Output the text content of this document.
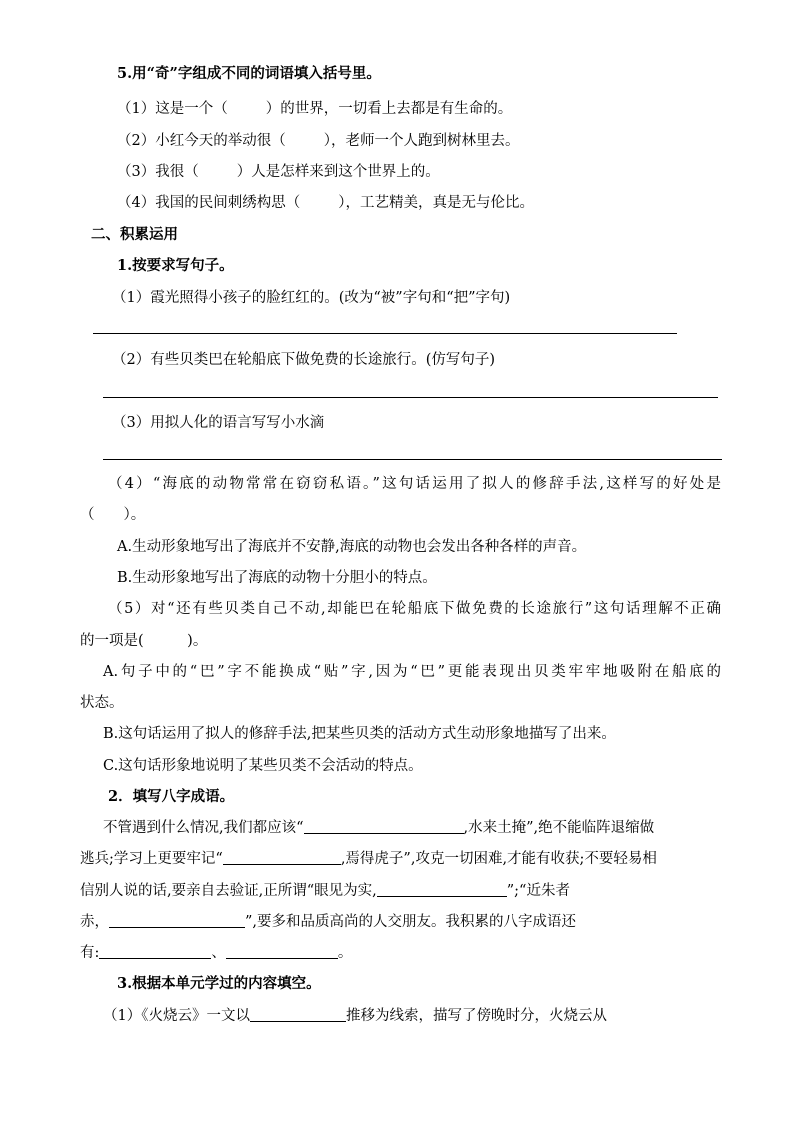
5.用“奇”字组成不同的词语填入括号里。
（1）这是一个（	）的世界，一切看上去都是有生命的。
（2）小红今天的举动很（	），老师一个人跑到树林里去。
（3）我很（	）人是怎样来到这个世界上的。
（4）我国的民间刺绣构思（	），工艺精美，真是无与伦比。
二、积累运用
1.按要求写句子。
（1）霞光照得小孩子的脸红红的。(改为“被”字句和“把”字句)
（2）有些贝类巴在轮船底下做免费的长途旅行。(仿写句子)
（3）用拟人化的语言写写小水滴
（4）“海底的动物常常在窃窃私语。”这句话运用了拟人的修辞手法,这样写的好处是
（　　）。
A.生动形象地写出了海底并不安静,海底的动物也会发出各种各样的声音。
B.生动形象地写出了海底的动物十分胆小的特点。
（5）对“还有些贝类自己不动,却能巴在轮船底下做免费的长途旅行”这句话理解不正确
的一项是(　　　)。
A.句子中的“巴”字不能换成“贴”字,因为“巴”更能表现出贝类牢牢地吸附在船底的
状态。
B.这句话运用了拟人的修辞手法,把某些贝类的活动方式生动形象地描写了出来。
C.这句话形象地说明了某些贝类不会活动的特点。
2．填写八字成语。
不管遇到什么情况,我们都应该“	,水来土掩”,绝不能临阵退缩做
逃兵;学习上更要牢记“	,焉得虎子”,攻克一切困难,才能有收获;不要轻易相
信别人说的话,要亲自去验证,正所谓“眼见为实,	”;“近朱者
赤，	”,要多和品质高尚的人交朋友。我积累的八字成语还
有:	、	。
3.根据本单元学过的内容填空。
（1）《火烧云》一文以	推移为线索，描写了傍晚时分，火烧云从
